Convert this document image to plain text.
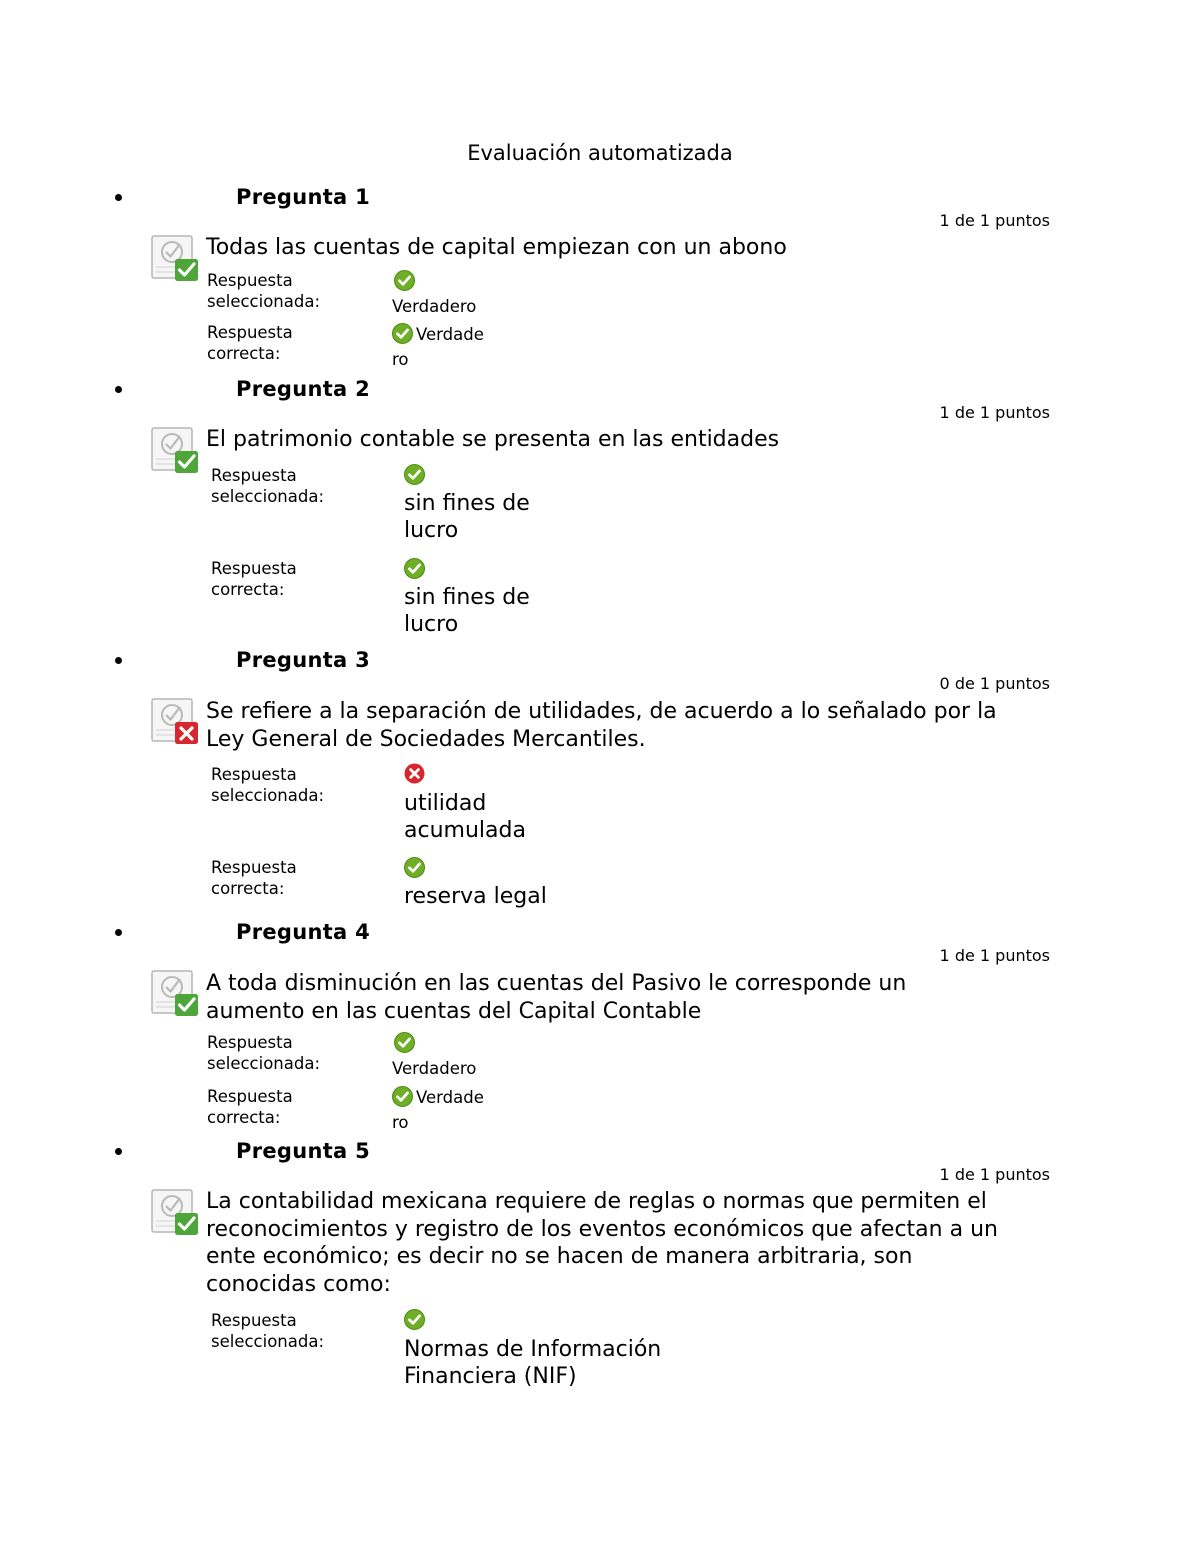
Evaluación automatizada
Pregunta 1
1 de 1 puntos
Todas las cuentas de capital empiezan con un abono
Respuesta seleccionada:	Verdadero
Respuesta correcta:
Verdade
ro
Pregunta 2
1 de 1 puntos
El patrimonio contable se presenta en las entidades
Respuesta seleccionada:	sin fines de lucro
Respuesta correcta:	sin fines de lucro
Pregunta 3
0 de 1 puntos
Se refiere a la separación de utilidades, de acuerdo a lo señalado por la Ley General de Sociedades Mercantiles.
Respuesta seleccionada:	utilidad acumulada
Respuesta correcta:	reserva legal
Pregunta 4
1 de 1 puntos
A toda disminución en las cuentas del Pasivo le corresponde un aumento en las cuentas del Capital Contable
Respuesta seleccionada:	Verdadero
Respuesta correcta:
Verdade
ro
Pregunta 5
1 de 1 puntos
La contabilidad mexicana requiere de reglas o normas que permiten el reconocimientos y registro de los eventos económicos que afectan a un ente económico; es decir no se hacen de manera arbitraria, son conocidas como:
Respuesta seleccionada:	Normas de Información Financiera (NIF)
